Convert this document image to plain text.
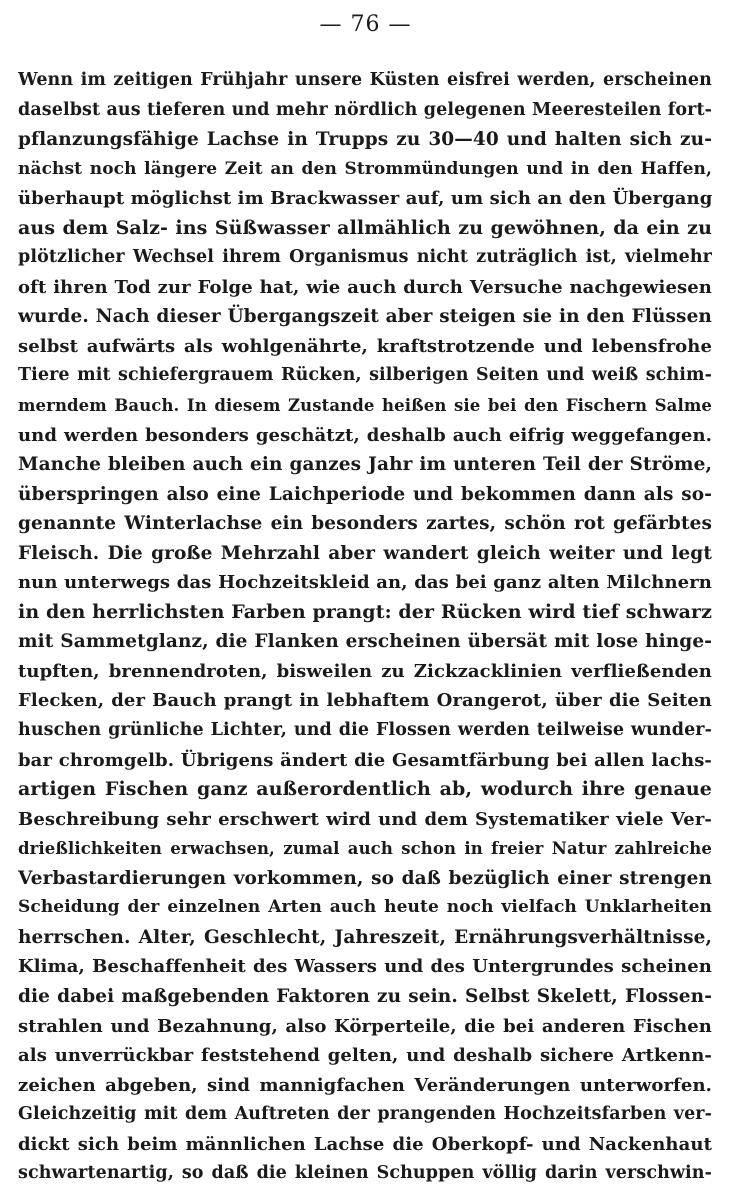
— 76 —
Wenn im zeitigen Frühjahr unsere Küsten eisfrei werden, erscheinen
daselbst aus tieferen und mehr nördlich gelegenen Meeresteilen fort-
pflanzungsfähige Lachse in Trupps zu 30—40 und halten sich zu-
nächst noch längere Zeit an den Strommündungen und in den Haffen,
überhaupt möglichst im Brackwasser auf, um sich an den Übergang
aus dem Salz- ins Süßwasser allmählich zu gewöhnen, da ein zu
plötzlicher Wechsel ihrem Organismus nicht zuträglich ist, vielmehr
oft ihren Tod zur Folge hat, wie auch durch Versuche nachgewiesen
wurde. Nach dieser Übergangszeit aber steigen sie in den Flüssen
selbst aufwärts als wohlgenährte, kraftstrotzende und lebensfrohe
Tiere mit schiefergrauem Rücken, silberigen Seiten und weiß schim-
merndem Bauch. In diesem Zustande heißen sie bei den Fischern Salme
und werden besonders geschätzt, deshalb auch eifrig weggefangen.
Manche bleiben auch ein ganzes Jahr im unteren Teil der Ströme,
überspringen also eine Laichperiode und bekommen dann als so-
genannte Winterlachse ein besonders zartes, schön rot gefärbtes
Fleisch. Die große Mehrzahl aber wandert gleich weiter und legt
nun unterwegs das Hochzeitskleid an, das bei ganz alten Milchnern
in den herrlichsten Farben prangt: der Rücken wird tief schwarz
mit Sammetglanz, die Flanken erscheinen übersät mit lose hinge-
tupften, brennendroten, bisweilen zu Zickzacklinien verfließenden
Flecken, der Bauch prangt in lebhaftem Orangerot, über die Seiten
huschen grünliche Lichter, und die Flossen werden teilweise wunder-
bar chromgelb. Übrigens ändert die Gesamtfärbung bei allen lachs-
artigen Fischen ganz außerordentlich ab, wodurch ihre genaue
Beschreibung sehr erschwert wird und dem Systematiker viele Ver-
drießlichkeiten erwachsen, zumal auch schon in freier Natur zahlreiche
Verbastardierungen vorkommen, so daß bezüglich einer strengen
Scheidung der einzelnen Arten auch heute noch vielfach Unklarheiten
herrschen. Alter, Geschlecht, Jahreszeit, Ernährungsverhältnisse,
Klima, Beschaffenheit des Wassers und des Untergrundes scheinen
die dabei maßgebenden Faktoren zu sein. Selbst Skelett, Flossen-
strahlen und Bezahnung, also Körperteile, die bei anderen Fischen
als unverrückbar feststehend gelten, und deshalb sichere Artkenn-
zeichen abgeben, sind mannigfachen Veränderungen unterworfen.
Gleichzeitig mit dem Auftreten der prangenden Hochzeitsfarben ver-
dickt sich beim männlichen Lachse die Oberkopf- und Nackenhaut
schwartenartig, so daß die kleinen Schuppen völlig darin verschwin-
